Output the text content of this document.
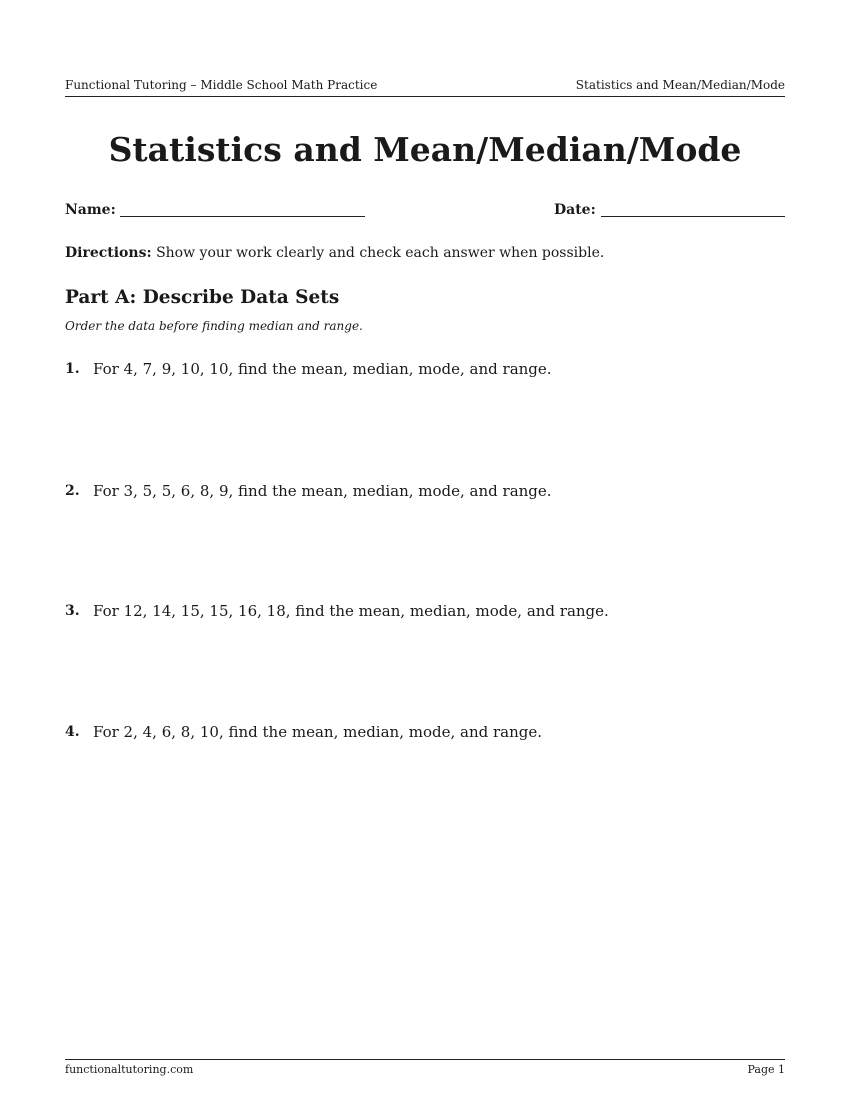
Functional Tutoring – Middle School Math Practice	Statistics and Mean/Median/Mode
Statistics and Mean/Median/Mode
Name:	Date:
Directions: Show your work clearly and check each answer when possible.
Part A: Describe Data Sets
Order the data before finding median and range.
1. For 4, 7, 9, 10, 10, find the mean, median, mode, and range.
2. For 3, 5, 5, 6, 8, 9, find the mean, median, mode, and range.
3. For 12, 14, 15, 15, 16, 18, find the mean, median, mode, and range.
4. For 2, 4, 6, 8, 10, find the mean, median, mode, and range.
functionaltutoring.com	Page 1
